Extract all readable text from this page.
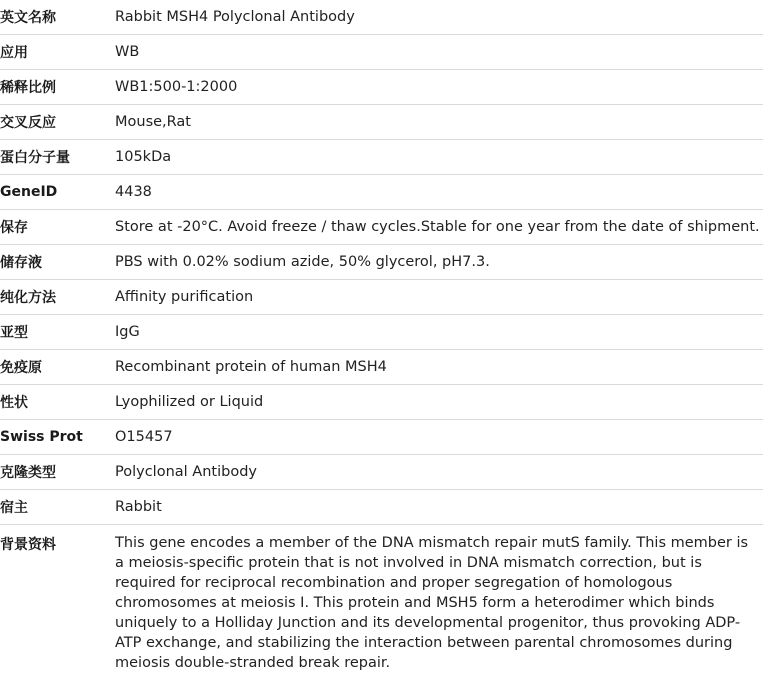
英文名称	Rabbit MSH4 Polyclonal Antibody
应用	WB
稀释比例	WB1:500-1:2000
交叉反应	Mouse,Rat
蛋白分子量	105kDa
GeneID	4438
保存	Store at -20°C. Avoid freeze / thaw cycles.Stable for one year from the date of shipment.
储存液	PBS with 0.02% sodium azide, 50% glycerol, pH7.3.
纯化方法	Affinity purification
亚型	IgG
免疫原	Recombinant protein of human MSH4
性状	Lyophilized or Liquid
Swiss Prot	O15457
克隆类型	Polyclonal Antibody
宿主	Rabbit
背景资料	This gene encodes a member of the DNA mismatch repair mutS family. This member is a meiosis-specific protein that is not involved in DNA mismatch correction, but is required for reciprocal recombination and proper segregation of homologous chromosomes at meiosis I. This protein and MSH5 form a heterodimer which binds uniquely to a Holliday Junction and its developmental progenitor, thus provoking ADP-ATP exchange, and stabilizing the interaction between parental chromosomes during meiosis double-stranded break repair.
